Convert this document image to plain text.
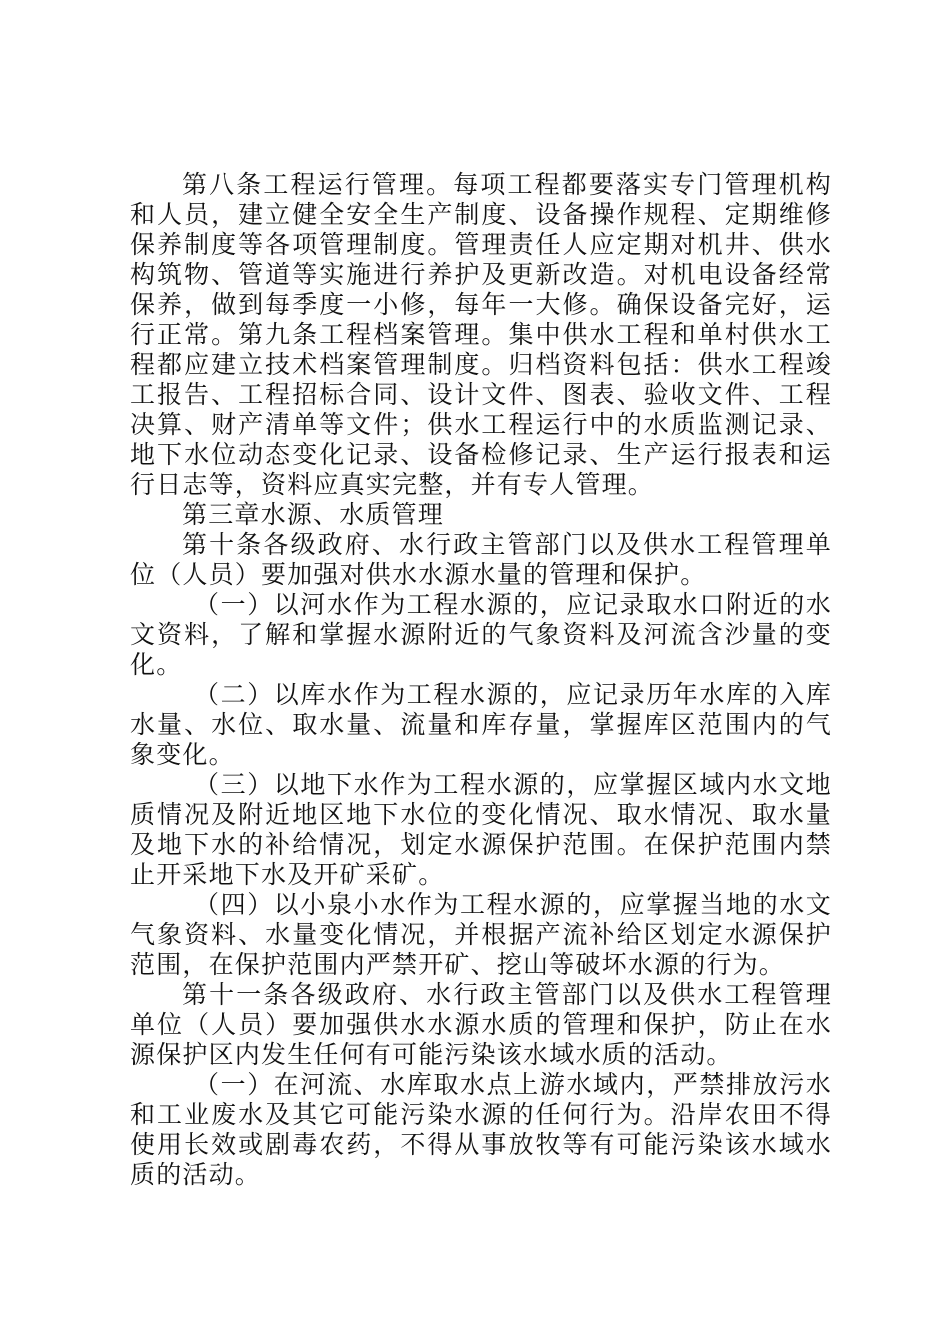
第八条工程运行管理。每项工程都要落实专门管理机构和人员，建立健全安全生产制度、设备操作规程、定期维修保养制度等各项管理制度。管理责任人应定期对机井、供水构筑物、管道等实施进行养护及更新改造。对机电设备经常保养，做到每季度一小修，每年一大修。确保设备完好，运行正常。第九条工程档案管理。集中供水工程和单村供水工程都应建立技术档案管理制度。归档资料包括：供水工程竣工报告、工程招标合同、设计文件、图表、验收文件、工程决算、财产清单等文件；供水工程运行中的水质监测记录、地下水位动态变化记录、设备检修记录、生产运行报表和运行日志等，资料应真实完整，并有专人管理。

第三章水源、水质管理

第十条各级政府、水行政主管部门以及供水工程管理单位（人员）要加强对供水水源水量的管理和保护。

（一）以河水作为工程水源的，应记录取水口附近的水文资料，了解和掌握水源附近的气象资料及河流含沙量的变化。

（二）以库水作为工程水源的，应记录历年水库的入库水量、水位、取水量、流量和库存量，掌握库区范围内的气象变化。

（三）以地下水作为工程水源的，应掌握区域内水文地质情况及附近地区地下水位的变化情况、取水情况、取水量及地下水的补给情况，划定水源保护范围。在保护范围内禁止开采地下水及开矿采矿。

（四）以小泉小水作为工程水源的，应掌握当地的水文气象资料、水量变化情况，并根据产流补给区划定水源保护范围，在保护范围内严禁开矿、挖山等破坏水源的行为。

第十一条各级政府、水行政主管部门以及供水工程管理单位（人员）要加强供水水源水质的管理和保护，防止在水源保护区内发生任何有可能污染该水域水质的活动。

（一）在河流、水库取水点上游水域内，严禁排放污水和工业废水及其它可能污染水源的任何行为。沿岸农田不得使用长效或剧毒农药，不得从事放牧等有可能污染该水域水质的活动。
